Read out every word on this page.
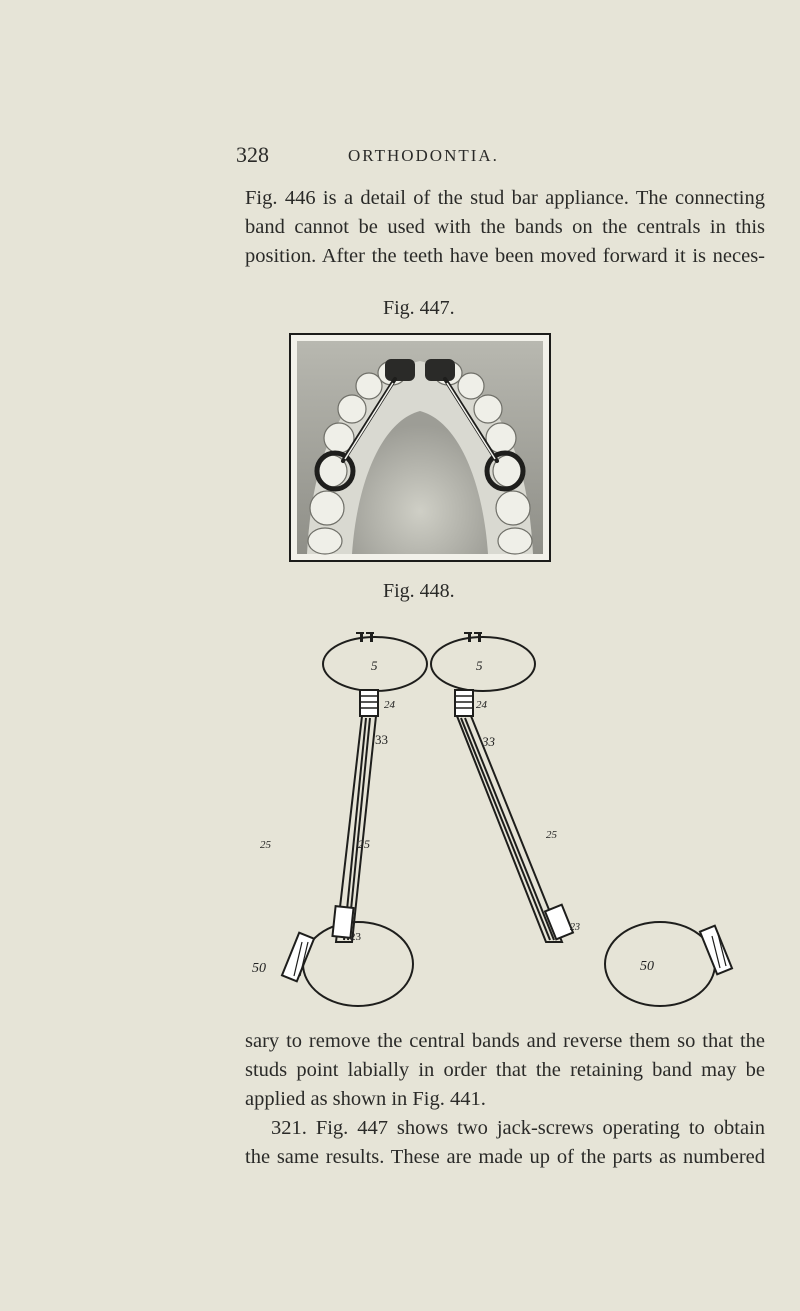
328	ORTHODONTIA.
Fig. 446 is a detail of the stud bar appliance. The connecting
band cannot be used with the bands on the centrals in this
position. After the teeth have been moved forward it is neces-
Fig. 447.
Fig. 448.
5	5
24
33
25	25
23
50
24
33
25
23
50
sary to remove the central bands and reverse them so that the
studs point labially in order that the retaining band may be
applied as shown in Fig. 441.
321. Fig. 447 shows two jack-screws operating to obtain
the same results. These are made up of the parts as numbered
